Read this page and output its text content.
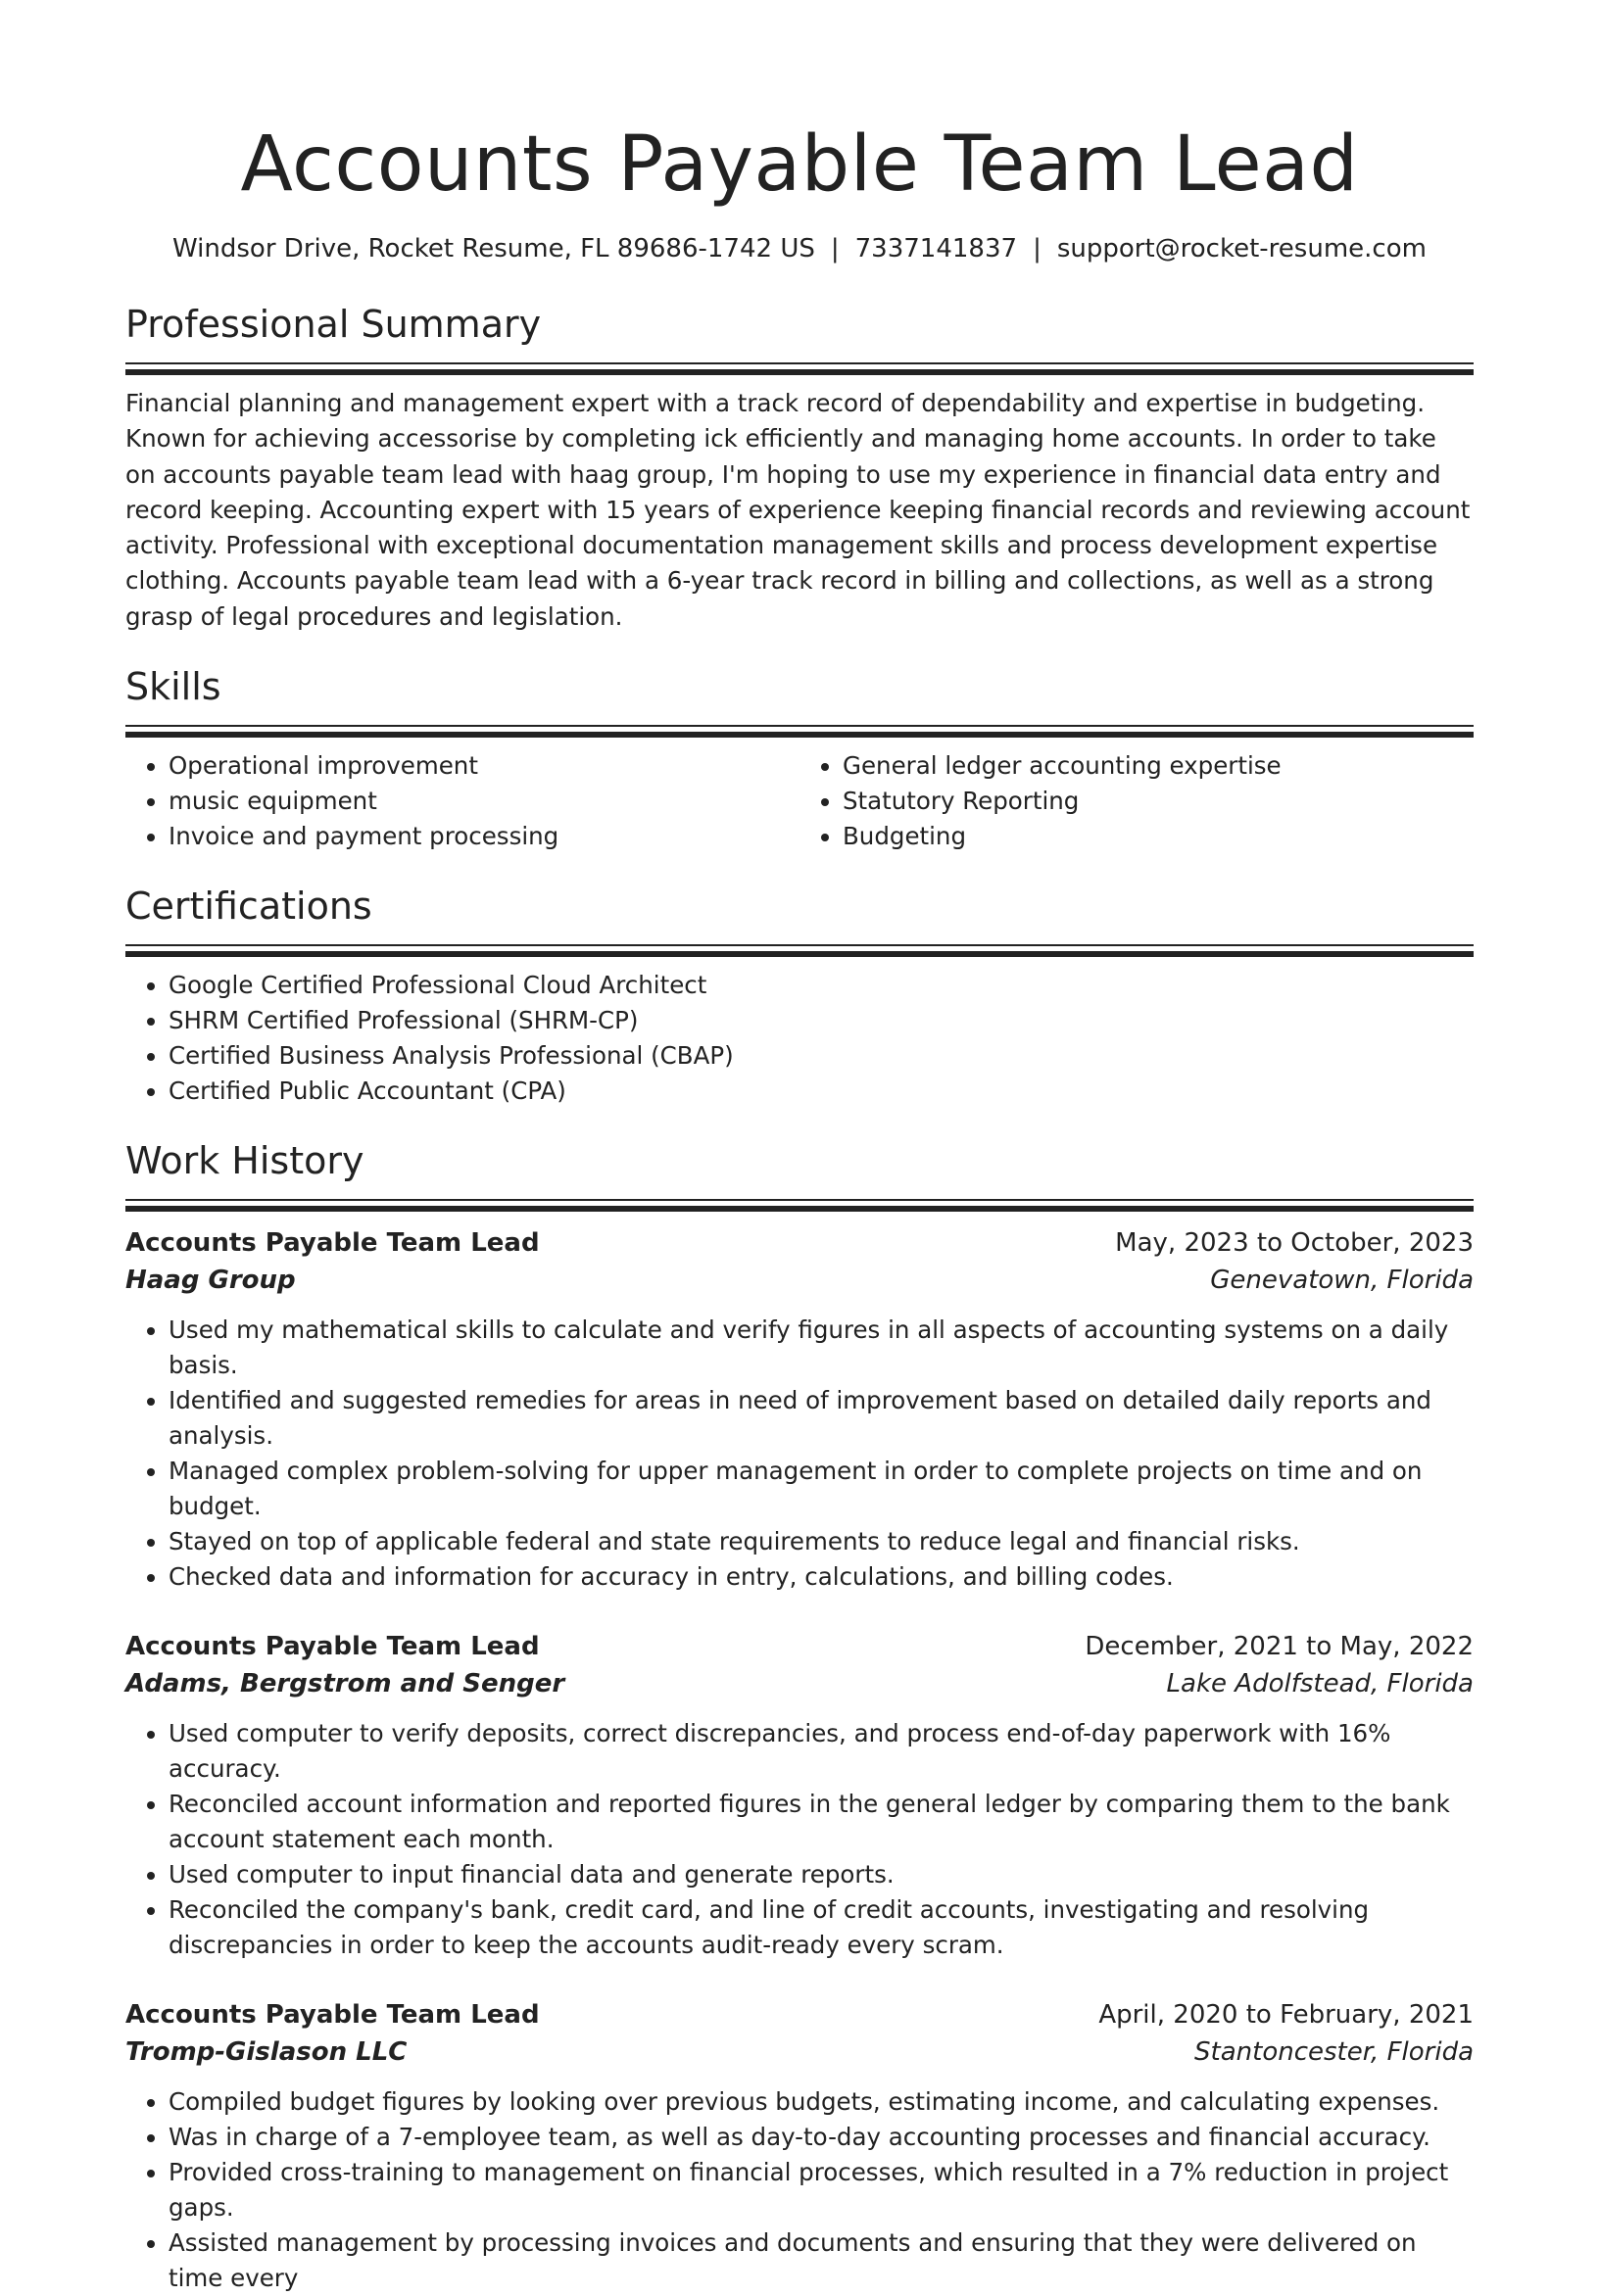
Accounts Payable Team Lead
Windsor Drive, Rocket Resume, FL 89686-1742 US | 7337141837 | support@rocket-resume.com
Professional Summary
Financial planning and management expert with a track record of dependability and expertise in budgeting. Known for achieving accessorise by completing ick efficiently and managing home accounts. In order to take on accounts payable team lead with haag group, I'm hoping to use my experience in financial data entry and record keeping. Accounting expert with 15 years of experience keeping financial records and reviewing account activity. Professional with exceptional documentation management skills and process development expertise clothing. Accounts payable team lead with a 6-year track record in billing and collections, as well as a strong grasp of legal procedures and legislation.
Skills
• Operational improvement
• music equipment
• Invoice and payment processing
• General ledger accounting expertise
• Statutory Reporting
• Budgeting
Certifications
• Google Certified Professional Cloud Architect
• SHRM Certified Professional (SHRM-CP)
• Certified Business Analysis Professional (CBAP)
• Certified Public Accountant (CPA)
Work History
Accounts Payable Team Lead	May, 2023 to October, 2023
Haag Group	Genevatown, Florida
• Used my mathematical skills to calculate and verify figures in all aspects of accounting systems on a daily basis.
• Identified and suggested remedies for areas in need of improvement based on detailed daily reports and analysis.
• Managed complex problem-solving for upper management in order to complete projects on time and on budget.
• Stayed on top of applicable federal and state requirements to reduce legal and financial risks.
• Checked data and information for accuracy in entry, calculations, and billing codes.
Accounts Payable Team Lead	December, 2021 to May, 2022
Adams, Bergstrom and Senger	Lake Adolfstead, Florida
• Used computer to verify deposits, correct discrepancies, and process end-of-day paperwork with 16% accuracy.
• Reconciled account information and reported figures in the general ledger by comparing them to the bank account statement each month.
• Used computer to input financial data and generate reports.
• Reconciled the company's bank, credit card, and line of credit accounts, investigating and resolving discrepancies in order to keep the accounts audit-ready every scram.
Accounts Payable Team Lead	April, 2020 to February, 2021
Tromp-Gislason LLC	Stantoncester, Florida
• Compiled budget figures by looking over previous budgets, estimating income, and calculating expenses.
• Was in charge of a 7-employee team, as well as day-to-day accounting processes and financial accuracy.
• Provided cross-training to management on financial processes, which resulted in a 7% reduction in project gaps.
• Assisted management by processing invoices and documents and ensuring that they were delivered on time every
